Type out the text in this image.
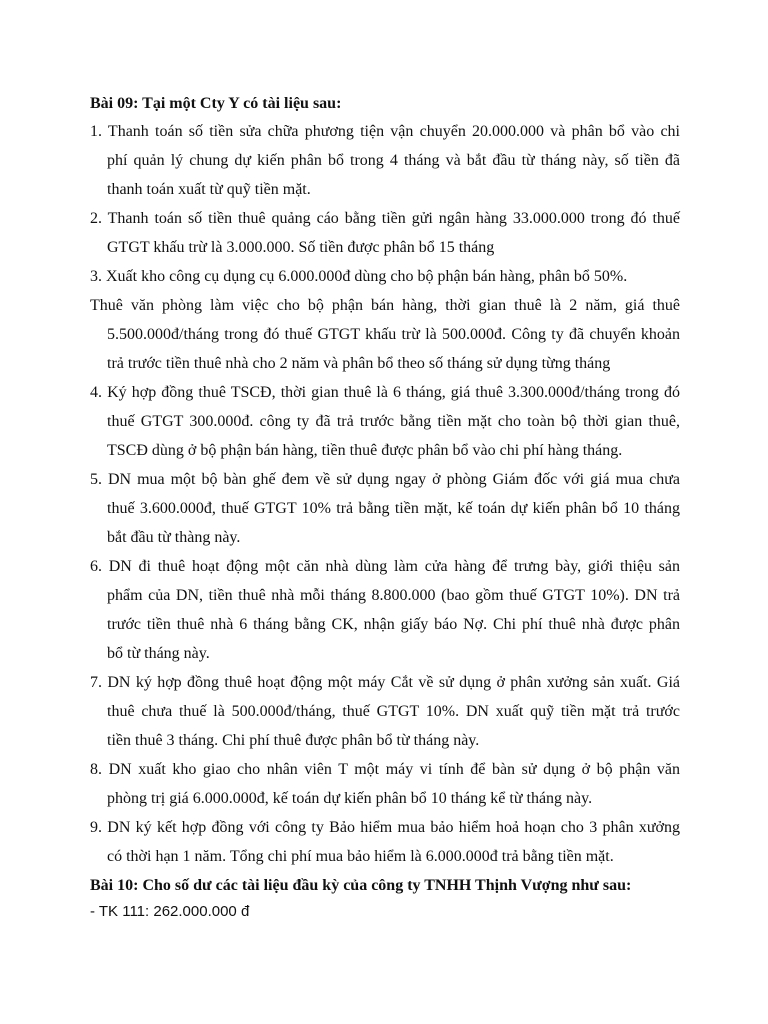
Bài 09: Tại một Cty Y có tài liệu sau:
1. Thanh toán số tiền sửa chữa phương tiện vận chuyển 20.000.000 và phân bổ vào chi
phí quản lý chung dự kiến phân bổ trong 4 tháng và bắt đầu từ tháng này, số tiền đã
thanh toán xuất từ quỹ tiền mặt.
2. Thanh toán số tiền thuê quảng cáo bằng tiền gửi ngân hàng 33.000.000 trong đó thuế
GTGT khấu trừ là 3.000.000. Số tiền được phân bổ 15 tháng
3. Xuất kho công cụ dụng cụ 6.000.000đ dùng cho bộ phận bán hàng, phân bổ 50%.
Thuê văn phòng làm việc cho bộ phận bán hàng, thời gian thuê là 2 năm, giá thuê
5.500.000đ/tháng trong đó thuế GTGT khấu trừ là 500.000đ. Công ty đã chuyển khoản
trả trước tiền thuê nhà cho 2 năm và phân bổ theo số tháng sử dụng từng tháng
4. Ký hợp đồng thuê TSCĐ, thời gian thuê là 6 tháng, giá thuê 3.300.000đ/tháng trong đó
thuế GTGT 300.000đ. công ty đã trả trước bằng tiền mặt cho toàn bộ thời gian thuê,
TSCĐ dùng ở bộ phận bán hàng, tiền thuê được phân bổ vào chi phí hàng tháng.
5. DN mua một bộ bàn ghế đem về sử dụng ngay ở phòng Giám đốc với giá mua chưa
thuế 3.600.000đ, thuế GTGT 10% trả bằng tiền mặt, kế toán dự kiến phân bổ 10 tháng
bắt đầu từ thàng này.
6. DN đi thuê hoạt động một căn nhà dùng làm cửa hàng để trưng bày, giới thiệu sản
phẩm của DN, tiền thuê nhà mỗi tháng 8.800.000 (bao gồm thuế GTGT 10%). DN trả
trước tiền thuê nhà 6 tháng bằng CK, nhận giấy báo Nợ. Chi phí thuê nhà được phân
bổ từ tháng này.
7. DN ký hợp đồng thuê hoạt động một máy Cắt về sử dụng ở phân xưởng sản xuất. Giá
thuê chưa thuế là 500.000đ/tháng, thuế GTGT 10%. DN xuất quỹ tiền mặt trả trước
tiền thuê 3 tháng. Chi phí thuê được phân bổ từ tháng này.
8. DN xuất kho giao cho nhân viên T một máy vi tính để bàn sử dụng ở bộ phận văn
phòng trị giá 6.000.000đ, kế toán dự kiến phân bổ 10 tháng kể từ tháng này.
9. DN ký kết hợp đồng với công ty Bảo hiểm mua bảo hiểm hoả hoạn cho 3 phân xưởng
có thời hạn 1 năm. Tổng chi phí mua bảo hiểm là 6.000.000đ trả bằng tiền mặt.
Bài 10: Cho số dư các tài liệu đầu kỳ của công ty TNHH Thịnh Vượng như sau:
- TK 111: 262.000.000 đ
